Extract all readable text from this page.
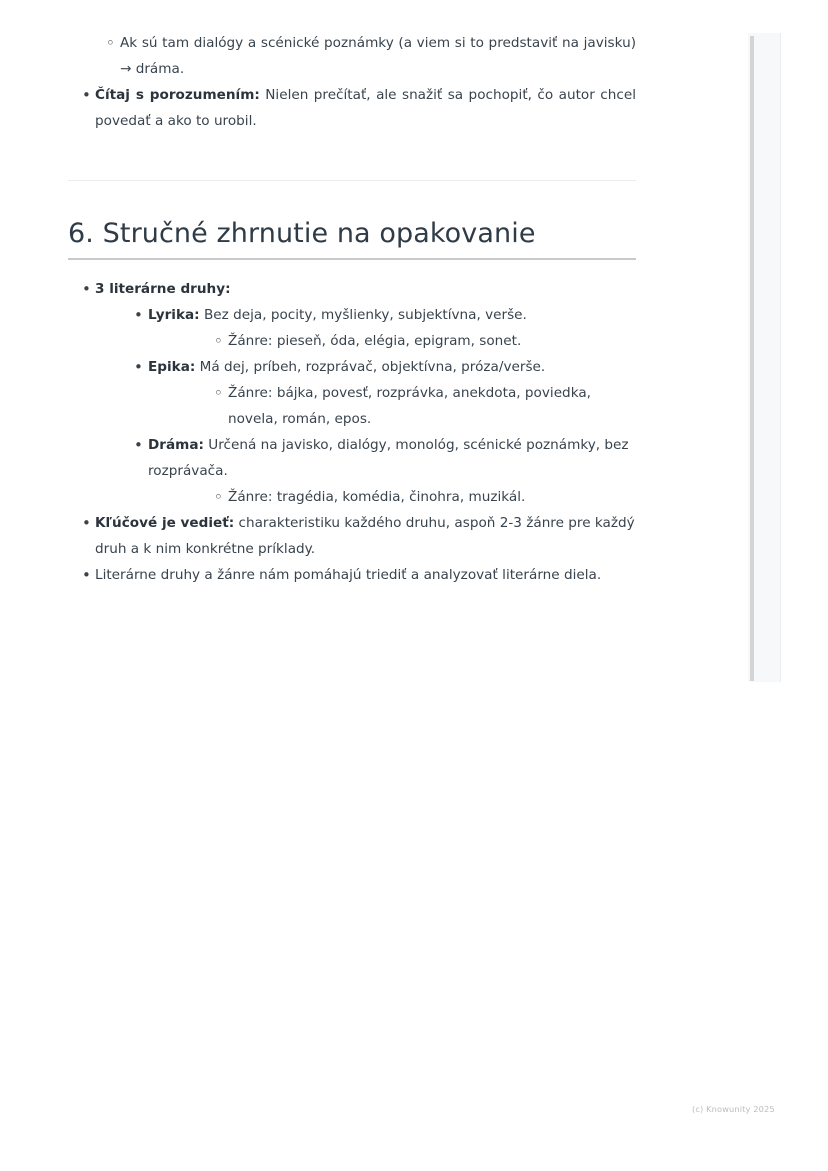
◦
Ak sú tam dialógy a scénické poznámky (a viem si to predstaviť na javisku) → dráma.
•
Čítaj s porozumením: Nielen prečítať, ale snažiť sa pochopiť, čo autor chcel povedať a ako to urobil.
6. Stručné zhrnutie na opakovanie
•
3 literárne druhy:
•
Lyrika: Bez deja, pocity, myšlienky, subjektívna, verše.
◦
Žánre: pieseň, óda, elégia, epigram, sonet.
•
Epika: Má dej, príbeh, rozprávač, objektívna, próza/verše.
◦
Žánre: bájka, povesť, rozprávka, anekdota, poviedka, novela, román, epos.
•
Dráma: Určená na javisko, dialógy, monológ, scénické poznámky, bez rozprávača.
◦
Žánre: tragédia, komédia, činohra, muzikál.
•
Kľúčové je vedieť: charakteristiku každého druhu, aspoň 2-3 žánre pre každý druh a k nim konkrétne príklady.
•
Literárne druhy a žánre nám pomáhajú triediť a analyzovať literárne diela.
(c) Knowunity 2025
